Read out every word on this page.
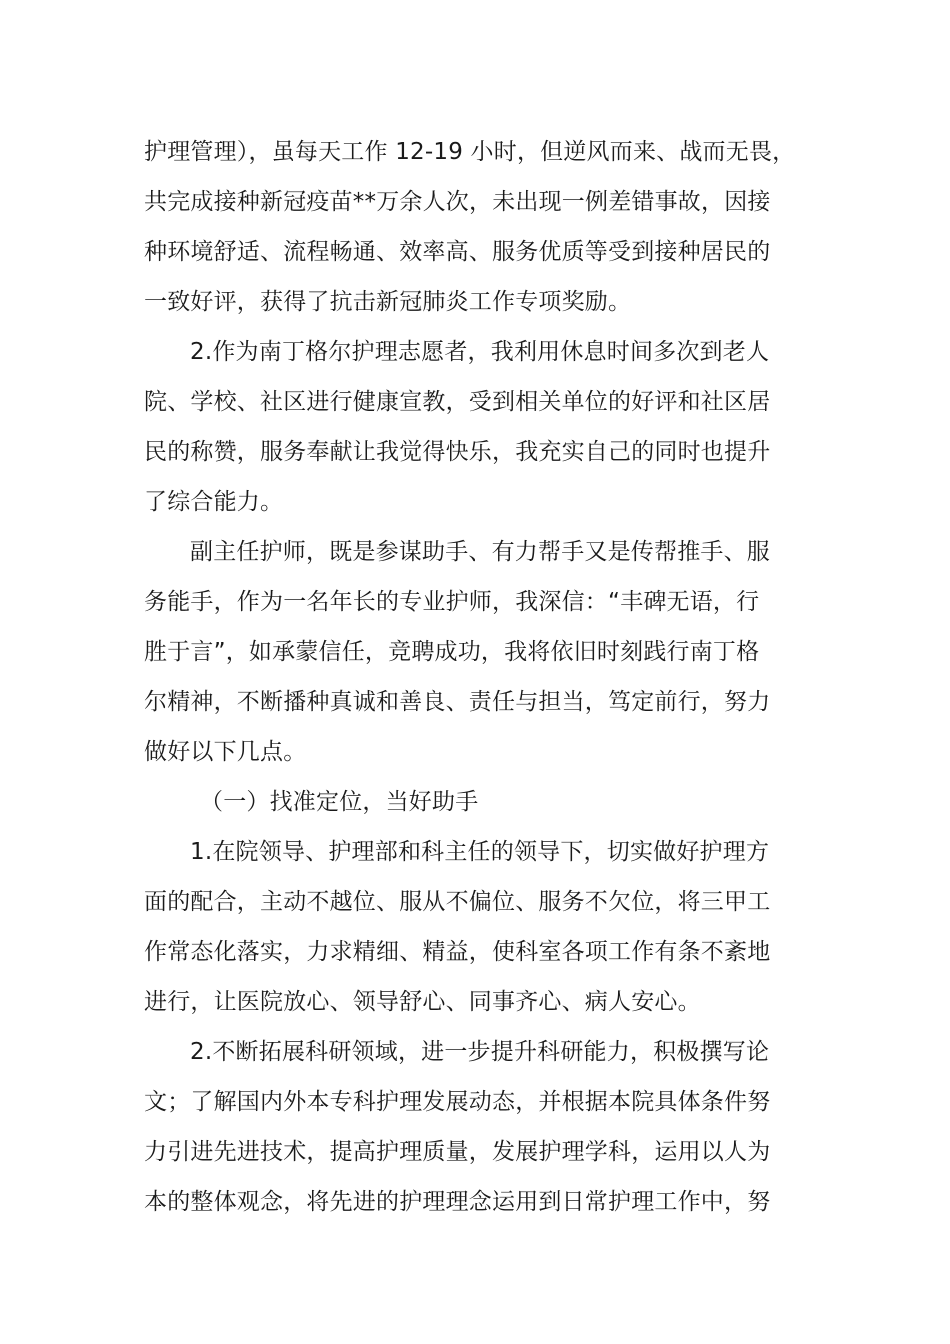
护理管理），虽每天工作 12-19 小时，但逆风而来、战而无畏，
共完成接种新冠疫苗**万余人次，未出现一例差错事故，因接
种环境舒适、流程畅通、效率高、服务优质等受到接种居民的
一致好评，获得了抗击新冠肺炎工作专项奖励。
2.作为南丁格尔护理志愿者，我利用休息时间多次到老人
院、学校、社区进行健康宣教，受到相关单位的好评和社区居
民的称赞，服务奉献让我觉得快乐，我充实自己的同时也提升
了综合能力。
副主任护师，既是参谋助手、有力帮手又是传帮推手、服
务能手，作为一名年长的专业护师，我深信：“丰碑无语，行
胜于言”，如承蒙信任，竞聘成功，我将依旧时刻践行南丁格
尔精神，不断播种真诚和善良、责任与担当，笃定前行，努力
做好以下几点。
（一）找准定位，当好助手
1.在院领导、护理部和科主任的领导下，切实做好护理方
面的配合，主动不越位、服从不偏位、服务不欠位，将三甲工
作常态化落实，力求精细、精益，使科室各项工作有条不紊地
进行，让医院放心、领导舒心、同事齐心、病人安心。
2.不断拓展科研领域，进一步提升科研能力，积极撰写论
文；了解国内外本专科护理发展动态，并根据本院具体条件努
力引进先进技术，提高护理质量，发展护理学科，运用以人为
本的整体观念，将先进的护理理念运用到日常护理工作中，努
